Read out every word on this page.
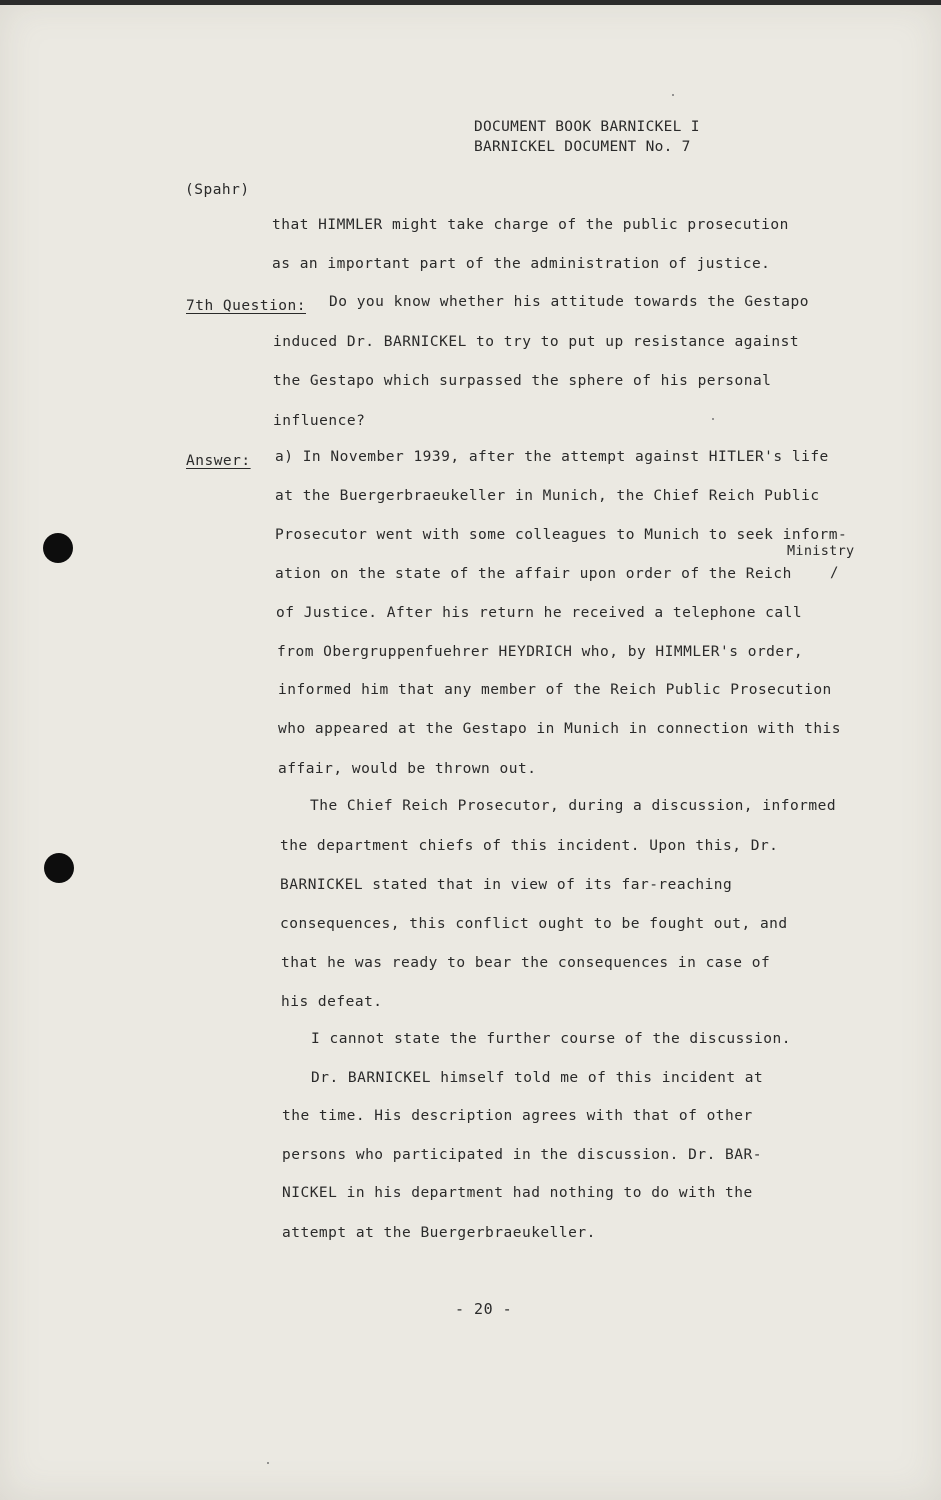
DOCUMENT BOOK BARNICKEL I
BARNICKEL DOCUMENT No. 7
(Spahr)
that HIMMLER might take charge of the public prosecution
as an important part of the administration of justice.
7th Question: Do you know whether his attitude towards the Gestapo
induced Dr. BARNICKEL to try to put up resistance against
the Gestapo which surpassed the sphere of his personal
influence?
Answer: a) In November 1939, after the attempt against HITLER's life
at the Buergerbraeukeller in Munich, the Chief Reich Public
Prosecutor went with some colleagues to Munich to seek inform-
Ministry
ation on the state of the affair upon order of the Reich	/
of Justice. After his return he received a telephone call
from Obergruppenfuehrer HEYDRICH who, by HIMMLER's order,
informed him that any member of the Reich Public Prosecution
who appeared at the Gestapo in Munich in connection with this
affair, would be thrown out.
The Chief Reich Prosecutor, during a discussion, informed
the department chiefs of this incident. Upon this, Dr.
BARNICKEL stated that in view of its far-reaching
consequences, this conflict ought to be fought out, and
that he was ready to bear the consequences in case of
his defeat.
I cannot state the further course of the discussion.
Dr. BARNICKEL himself told me of this incident at
the time. His description agrees with that of other
persons who participated in the discussion. Dr. BAR-
NICKEL in his department had nothing to do with the
attempt at the Buergerbraeukeller.
- 20 -
